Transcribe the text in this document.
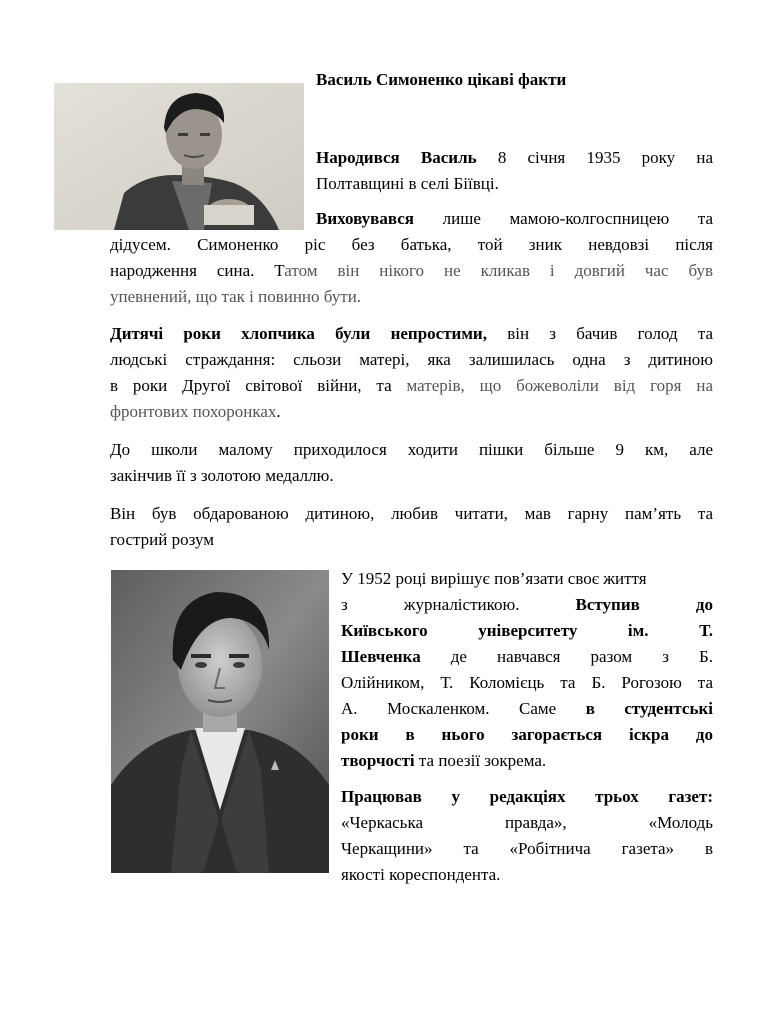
Василь Симоненко цікаві факти

Народився Василь 8 січня 1935 року на
Полтавщині в селі Біївці.

Виховувався лише мамою-колгоспницею та

дідусем. Симоненко ріс без батька, той зник невдовзі після
народження сина. Татом він нікого не кликав і довгий час був
упевнений, що так і повинно бути.

Дитячі роки хлопчика були непростими, він з бачив голод та
людські страждання: сльози матері, яка залишилась одна з дитиною
в роки Другої світової війни, та матерів, що божеволіли від горя на
фронтових похоронках.

До школи малому приходилося ходити пішки більше 9 км, але
закінчив її з золотою медаллю.

Він був обдарованою дитиною, любив читати, мав гарну пам’ять та
гострий розум

У 1952 році вирішує пов’язати своє життя
з журналістикою. Вступив до
Київського університету ім. Т.
Шевченка де навчався разом з Б.
Олійником, Т. Коломієць та Б. Рогозою та
А. Москаленком. Саме в студентські
роки в нього загорається іскра до
творчості та поезії зокрема.

Працював у редакціях трьох газет:
«Черкаська правда», «Молодь
Черкащини» та «Робітнича газета» в
якості кореспондента.
